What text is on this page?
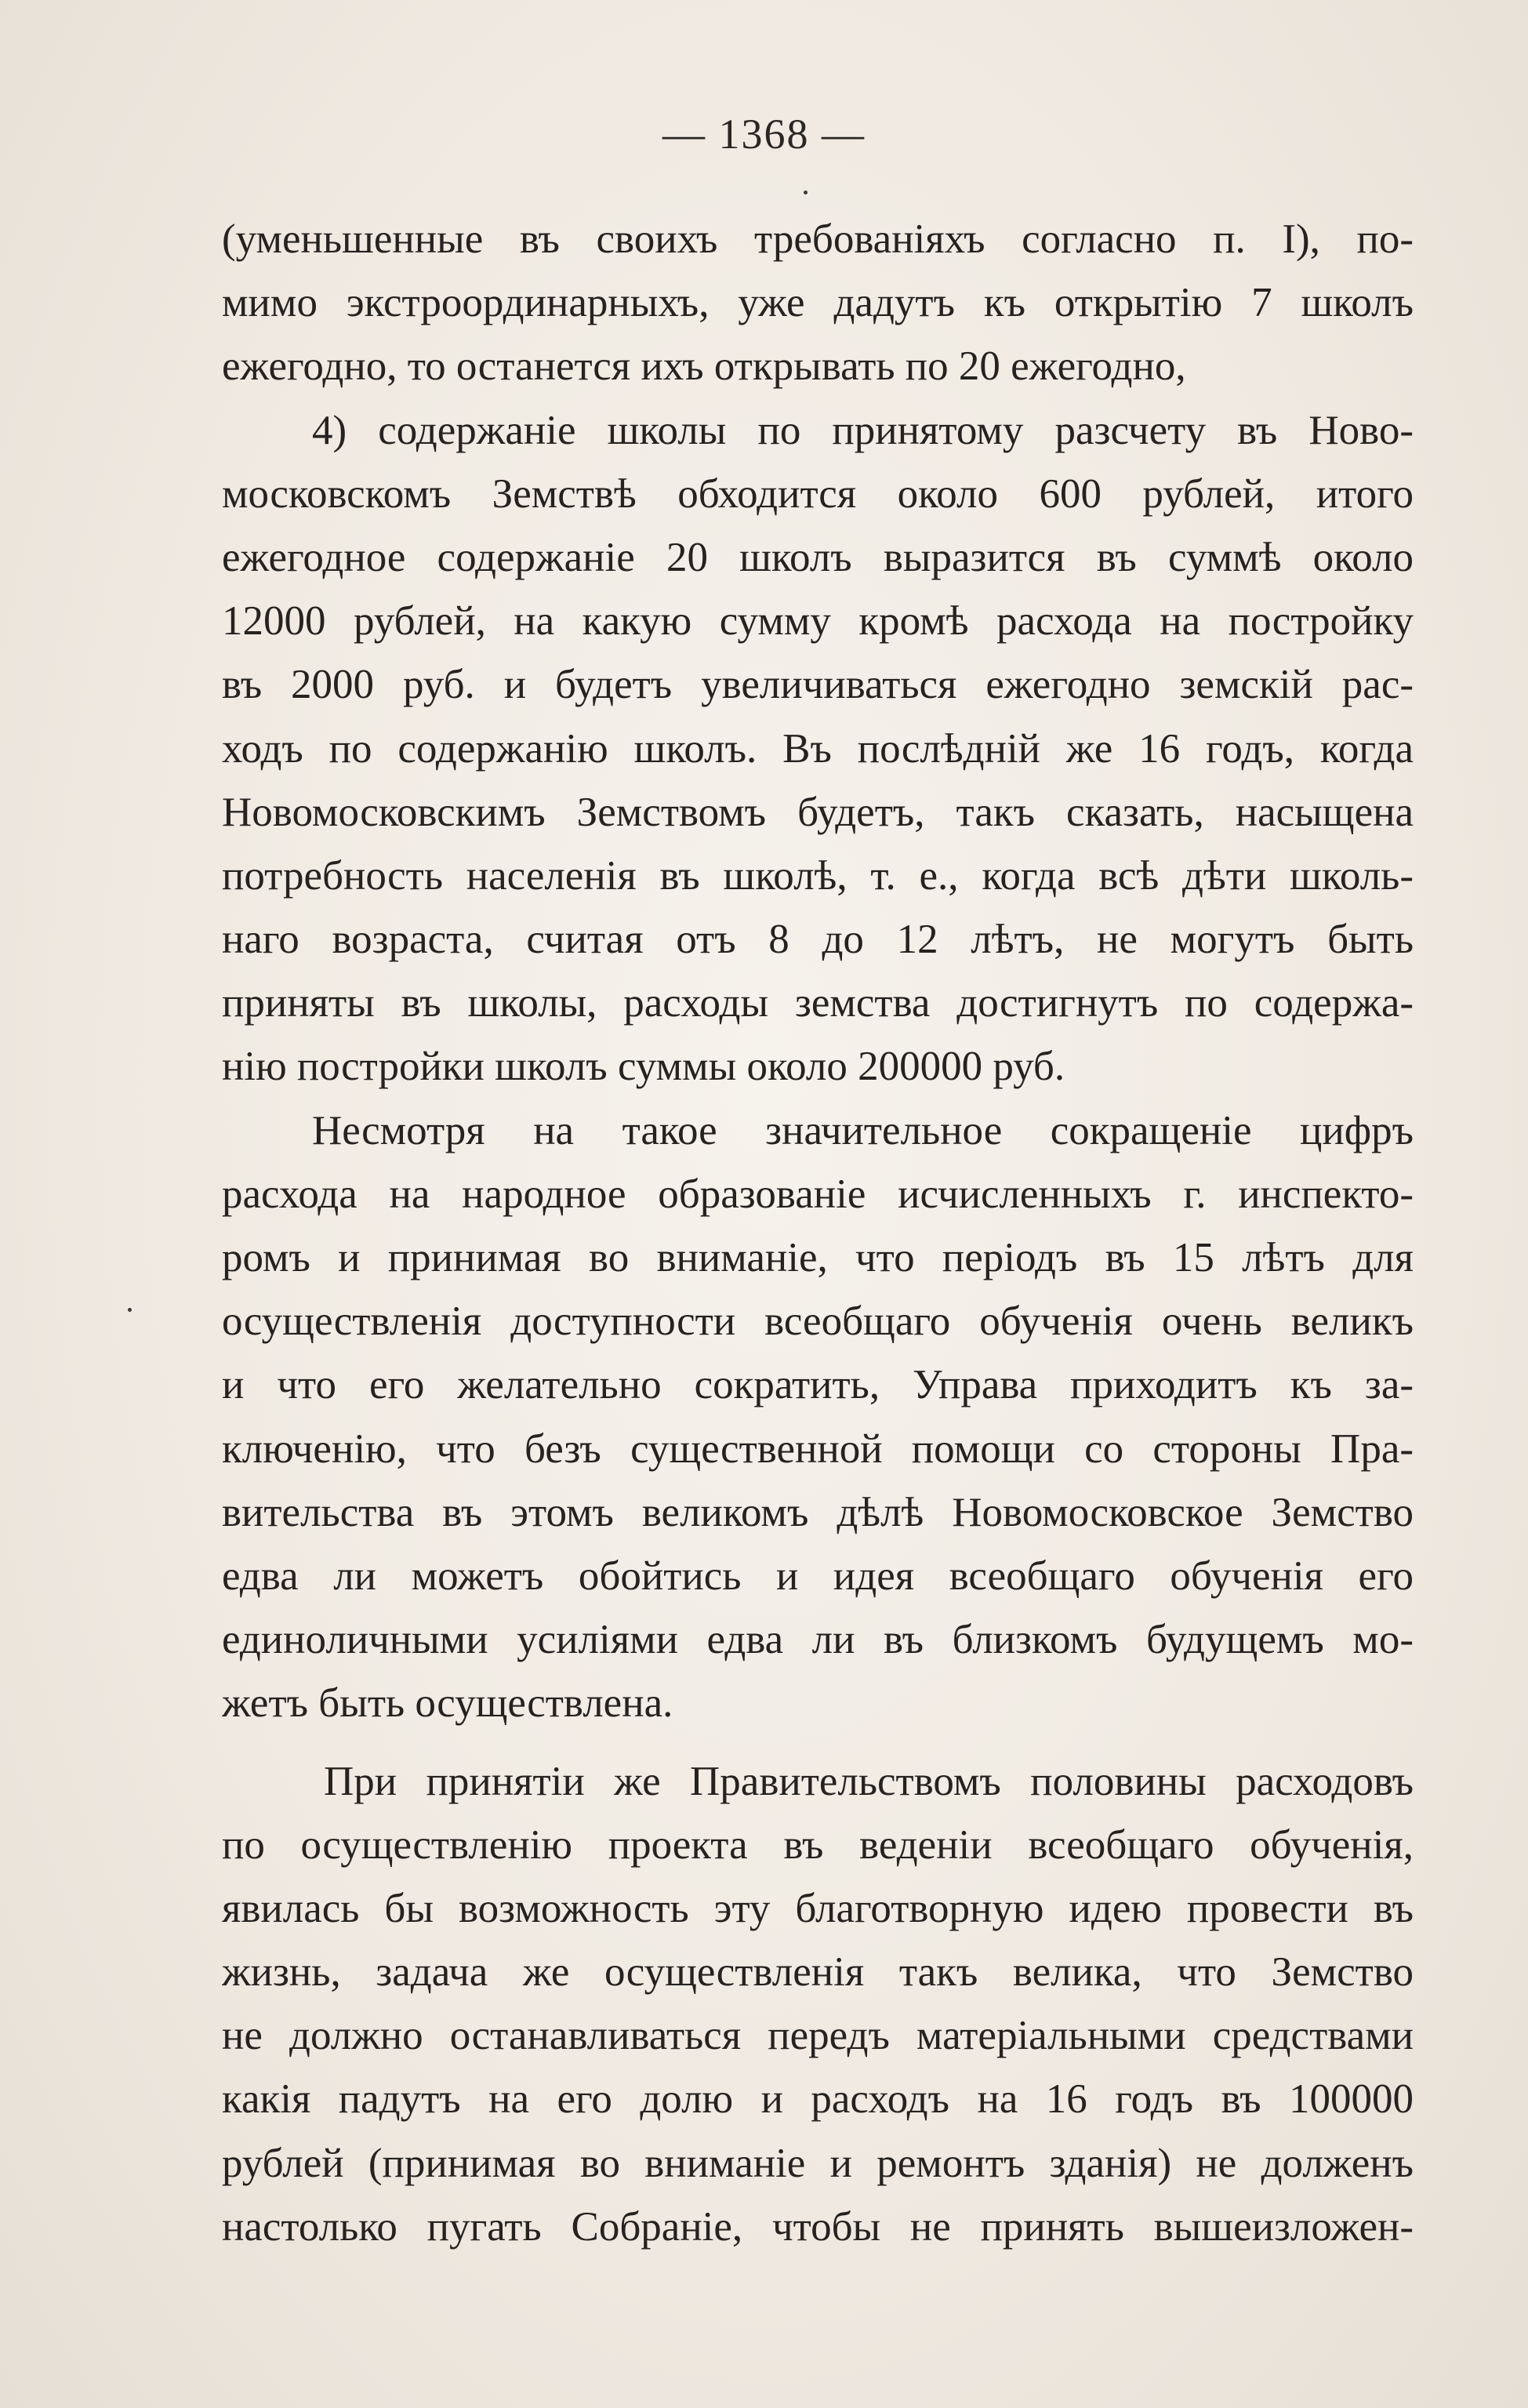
— 1368 —
(уменьшенные въ своихъ требованiяхъ согласно п. I), по-
мимо экстроординарныхъ, уже дадутъ къ открытiю 7 школъ
ежегодно, то останется ихъ открывать по 20 ежегодно,
4) содержанie школы по принятому разсчету въ Ново-
московскомъ Земствѣ обходится около 600 рублей, итого
ежегодное содержанie 20 школъ выразится въ суммѣ около
12000 рублей, на какую сумму кромѣ расхода на постройку
въ 2000 руб. и будетъ увеличиваться ежегодно земскiй рас-
ходъ по содержанiю школъ. Въ послѣднiй же 16 годъ, когда
Новомосковскимъ Земствомъ будетъ, такъ сказать, насыщена
потребность населенiя въ школѣ, т. е., когда всѣ дѣти школь-
наго возраста, считая отъ 8 до 12 лѣтъ, не могутъ быть
приняты въ школы, расходы земства достигнутъ по содержа-
нiю постройки школъ суммы около 200000 руб.
Несмотря на такое значительное сокращенie цифръ
расхода на народное образованie исчисленныхъ г. инспекто-
ромъ и принимая во вниманie, что перiодъ въ 15 лѣтъ для
осуществленiя доступности всеобщаго обученiя очень великъ
и что его желательно сократить, Управа приходитъ къ за-
ключенiю, что безъ существенной помощи со стороны Пра-
вительства въ этомъ великомъ дѣлѣ Новомосковское Земство
едва ли можетъ обойтись и идея всеобщаго обученiя его
единоличными усилiями едва ли въ близкомъ будущемъ мо-
жетъ быть осуществлена.
При принятiи же Правительствомъ половины расходовъ
по осуществленiю проекта въ веденiи всеобщаго обученiя,
явилась бы возможность эту благотворную идею провести въ
жизнь, задача же осуществленiя такъ велика, что Земство
не должно останавливаться передъ матерiальными средствами
какiя падутъ на его долю и расходъ на 16 годъ въ 100000
рублей (принимая во вниманie и ремонтъ зданiя) не долженъ
настолько пугать Собранie, чтобы не принять вышеизложен-
